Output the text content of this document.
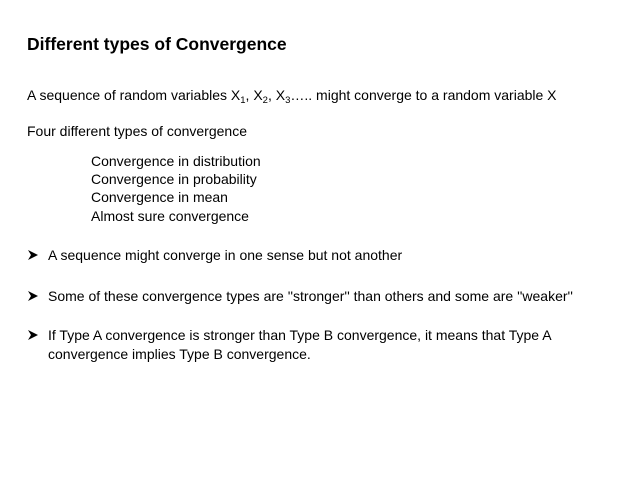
Different types of Convergence
A sequence of random variables $X_1$, $X_2$, $X_3\dots$.. might converge to a random variable X
Four different types of convergence
Convergence in distribution
Convergence in probability
Convergence in mean
Almost sure convergence
A sequence might converge in one sense but not another
Some of these convergence types are ''stronger'' than others and some are ''weaker''
If Type A convergence is stronger than Type B convergence, it means that Type A
convergence implies Type B convergence.
